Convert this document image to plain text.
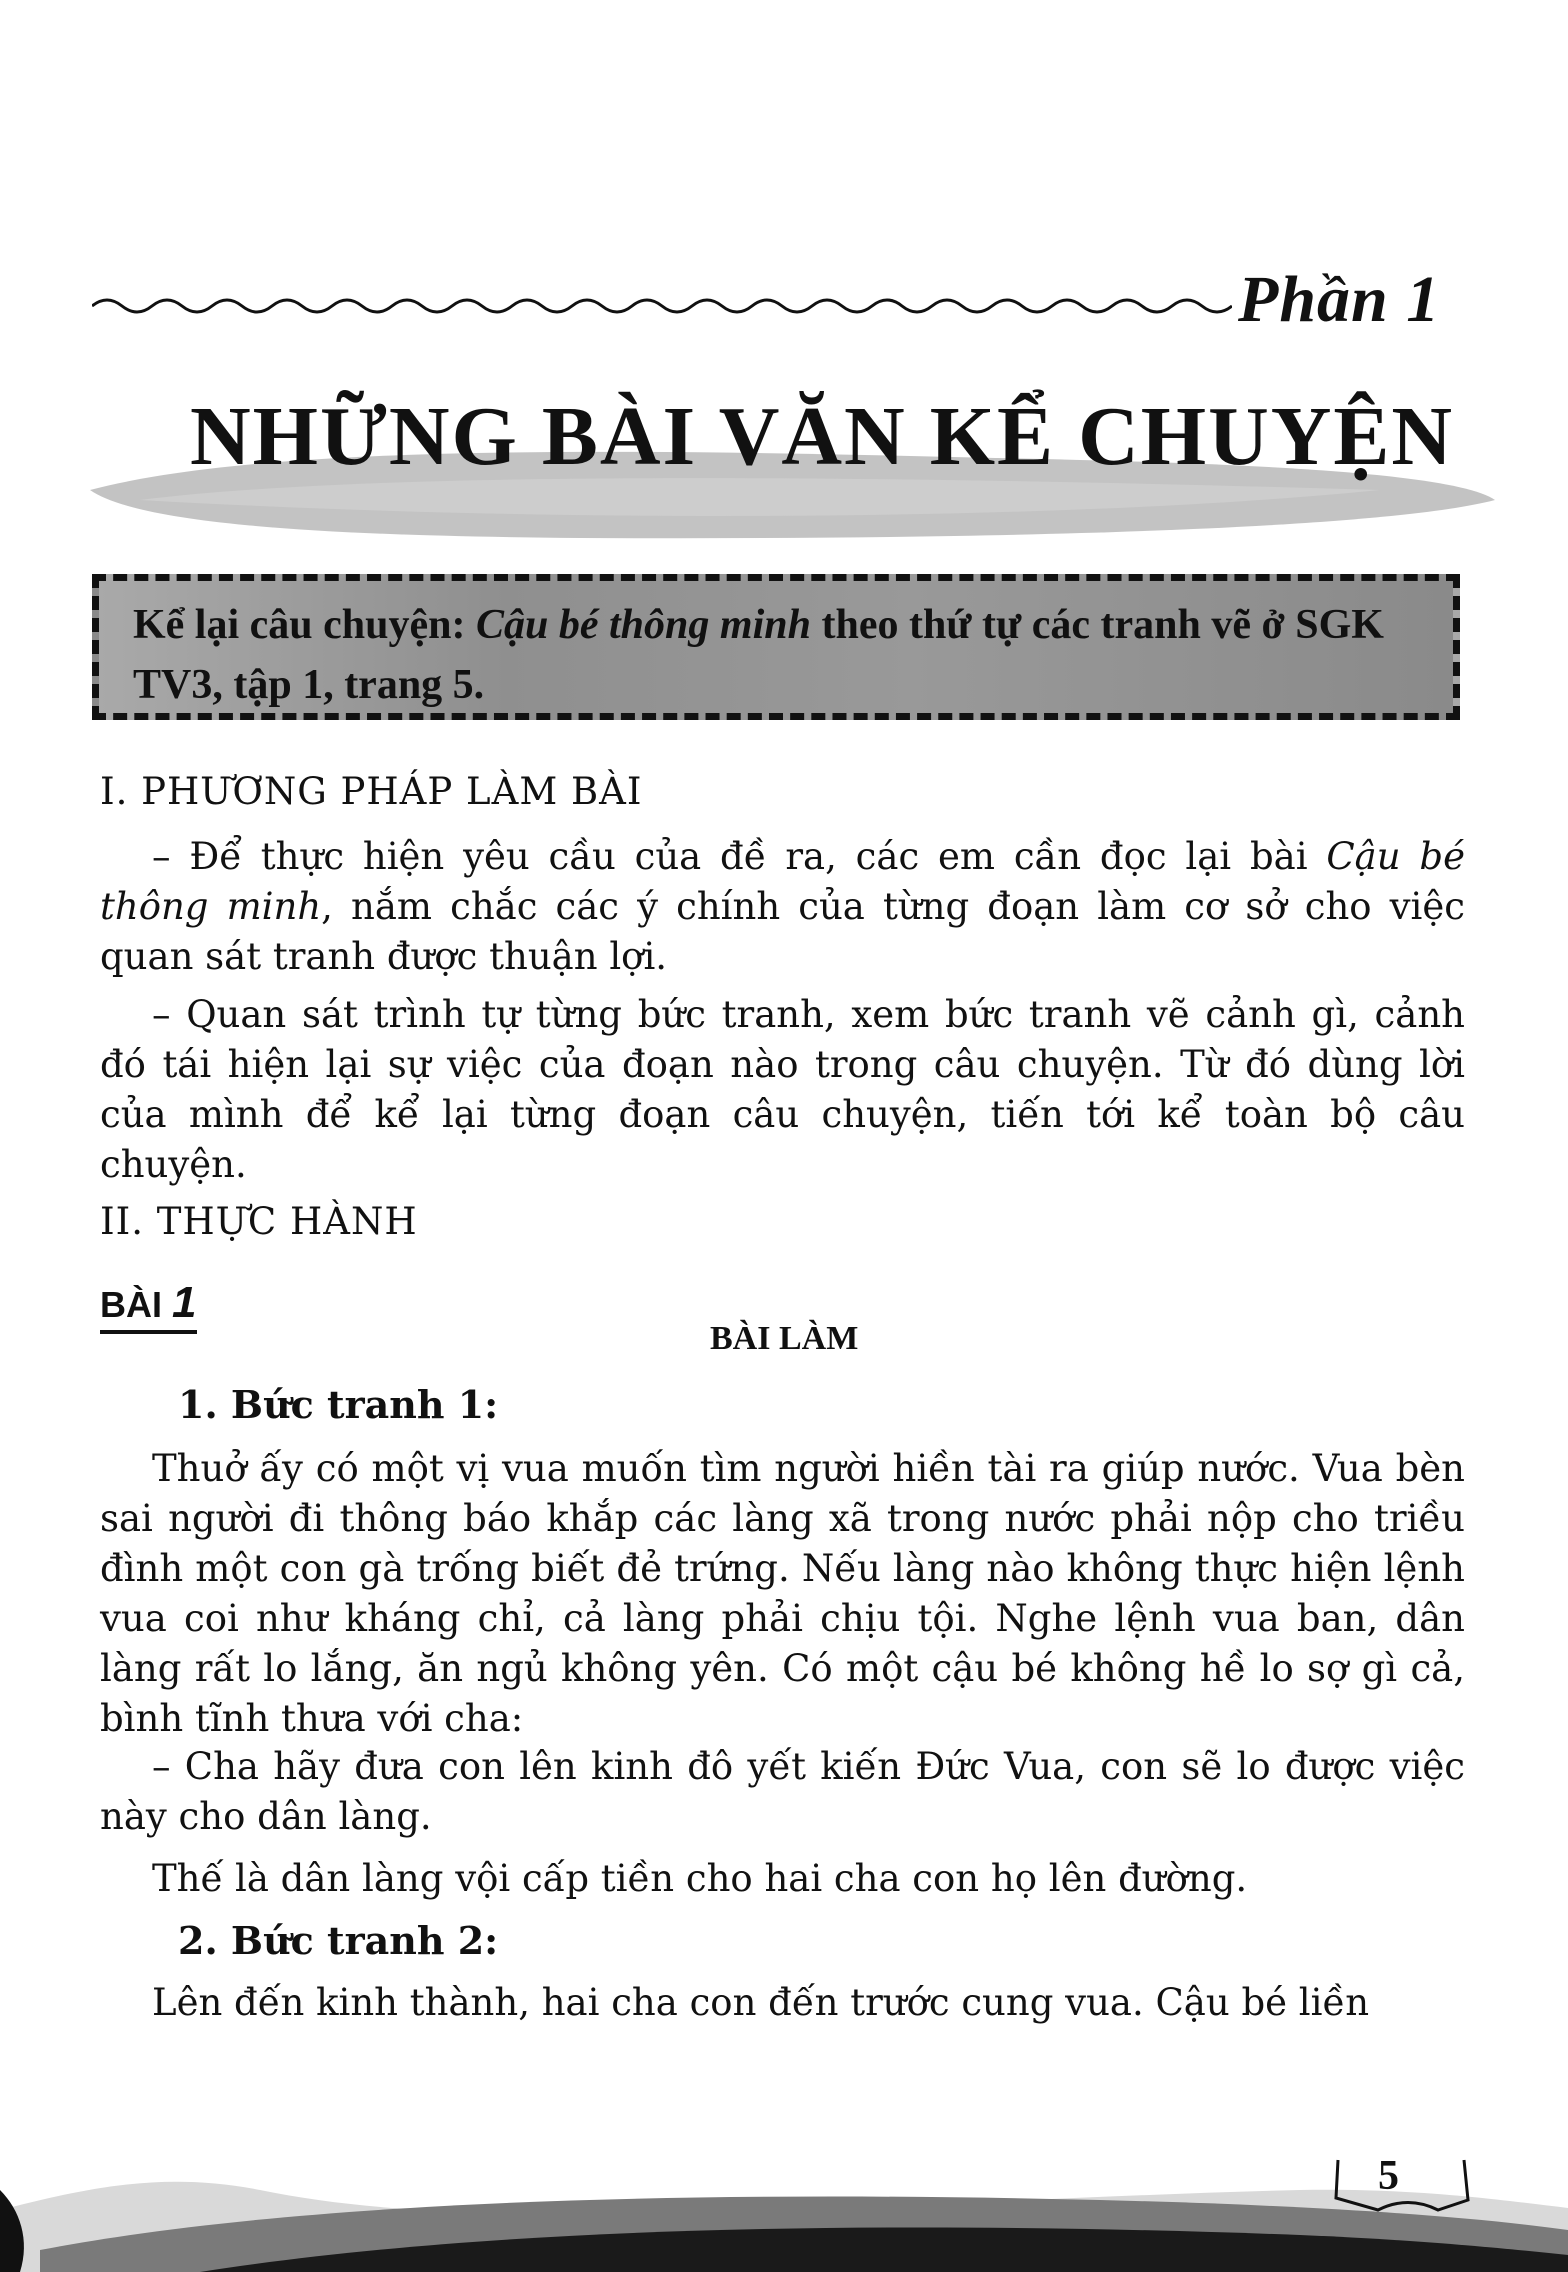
Phần 1
NHỮNG BÀI VĂN KỂ CHUYỆN
Kể lại câu chuyện: Cậu bé thông minh theo thứ tự các tranh vẽ ở SGK TV3, tập 1, trang 5.
I. PHƯƠNG PHÁP LÀM BÀI
– Để thực hiện yêu cầu của đề ra, các em cần đọc lại bài Cậu bé thông minh, nắm chắc các ý chính của từng đoạn làm cơ sở cho việc quan sát tranh được thuận lợi.
– Quan sát trình tự từng bức tranh, xem bức tranh vẽ cảnh gì, cảnh đó tái hiện lại sự việc của đoạn nào trong câu chuyện. Từ đó dùng lời của mình để kể lại từng đoạn câu chuyện, tiến tới kể toàn bộ câu chuyện.
II. THỰC HÀNH
BÀI 1
BÀI LÀM
1. Bức tranh 1:
Thuở ấy có một vị vua muốn tìm người hiền tài ra giúp nước. Vua bèn sai người đi thông báo khắp các làng xã trong nước phải nộp cho triều đình một con gà trống biết đẻ trứng. Nếu làng nào không thực hiện lệnh vua coi như kháng chỉ, cả làng phải chịu tội. Nghe lệnh vua ban, dân làng rất lo lắng, ăn ngủ không yên. Có một cậu bé không hề lo sợ gì cả, bình tĩnh thưa với cha:
– Cha hãy đưa con lên kinh đô yết kiến Đức Vua, con sẽ lo được việc này cho dân làng.
Thế là dân làng vội cấp tiền cho hai cha con họ lên đường.
2. Bức tranh 2:
Lên đến kinh thành, hai cha con đến trước cung vua. Cậu bé liền
5
